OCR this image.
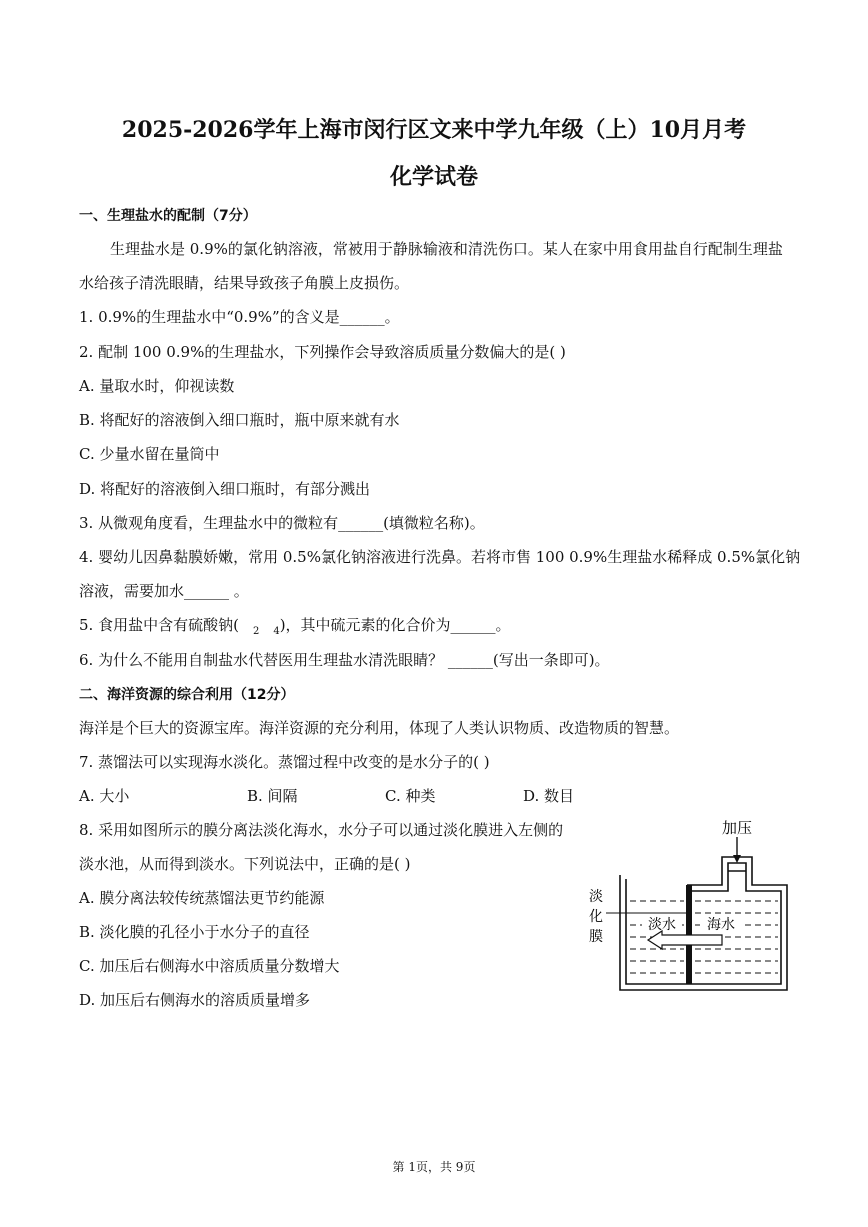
2025-2026学年上海市闵行区文来中学九年级（上）10月月考
化学试卷
一、生理盐水的配制（7分）
生理盐水是 0.9%的氯化钠溶液，常被用于静脉输液和清洗伤口。某人在家中用食用盐自行配制生理盐
水给孩子清洗眼睛，结果导致孩子角膜上皮损伤。
1. 0.9%的生理盐水中“0.9%”的含义是______。
2. 配制 100 0.9%的生理盐水，下列操作会导致溶质质量分数偏大的是( )
A. 量取水时，仰视读数
B. 将配好的溶液倒入细口瓶时，瓶中原来就有水
C. 少量水留在量筒中
D. 将配好的溶液倒入细口瓶时，有部分溅出
3. 从微观角度看，生理盐水中的微粒有______(填微粒名称)。
4. 婴幼儿因鼻黏膜娇嫩，常用 0.5%氯化钠溶液进行洗鼻。若将市售 100 0.9%生理盐水稀释成 0.5%氯化钠
溶液，需要加水______ 。
5. 食用盐中含有硫酸钠( $_2$ $_4$)，其中硫元素的化合价为______。
6. 为什么不能用自制盐水代替医用生理盐水清洗眼睛？ ______(写出一条即可)。
二、海洋资源的综合利用（12分）
海洋是个巨大的资源宝库。海洋资源的充分利用，体现了人类认识物质、改造物质的智慧。
7. 蒸馏法可以实现海水淡化。蒸馏过程中改变的是水分子的( )
A. 大小	B. 间隔	C. 种类	D. 数目
8. 采用如图所示的膜分离法淡化海水，水分子可以通过淡化膜进入左侧的
淡水池，从而得到淡水。下列说法中，正确的是( )
A. 膜分离法较传统蒸馏法更节约能源
B. 淡化膜的孔径小于水分子的直径
C. 加压后右侧海水中溶质质量分数增大
D. 加压后右侧海水的溶质质量增多
加压
淡
化
膜
淡水 海水
第 1页，共 9页
